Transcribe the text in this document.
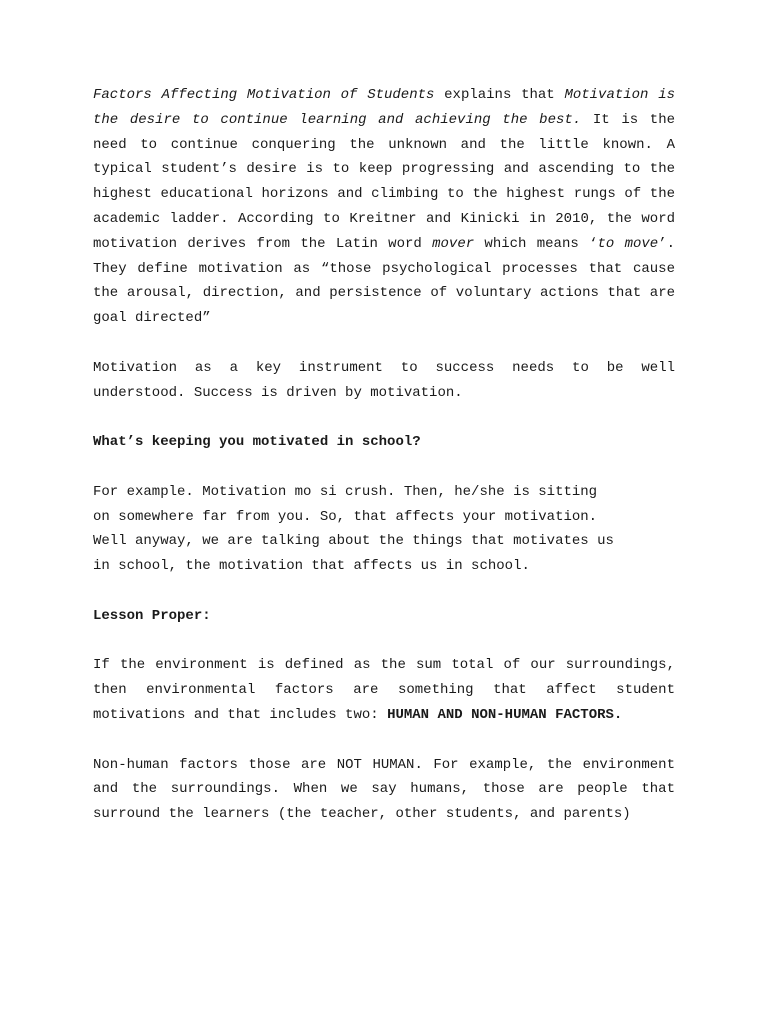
Factors Affecting Motivation of Students explains that Motivation is the desire to continue learning and achieving the best. It is the need to continue conquering the unknown and the little known. A typical student’s desire is to keep progressing and ascending to the highest educational horizons and climbing to the highest rungs of the academic ladder. According to Kreitner and Kinicki in 2010, the word motivation derives from the Latin word mover which means ‘to move’. They define motivation as “those psychological processes that cause the arousal, direction, and persistence of voluntary actions that are goal directed”

Motivation as a key instrument to success needs to be well understood. Success is driven by motivation.

What’s keeping you motivated in school?

For example. Motivation mo si crush. Then, he/she is sitting
on somewhere far from you. So, that affects your motivation.
Well anyway, we are talking about the things that motivates us
in school, the motivation that affects us in school.

Lesson Proper:

If the environment is defined as the sum total of our surroundings, then environmental factors are something that affect student motivations and that includes two: HUMAN AND NON-HUMAN FACTORS.

Non-human factors those are NOT HUMAN. For example, the environment and the surroundings. When we say humans, those are people that surround the learners (the teacher, other students, and parents)
